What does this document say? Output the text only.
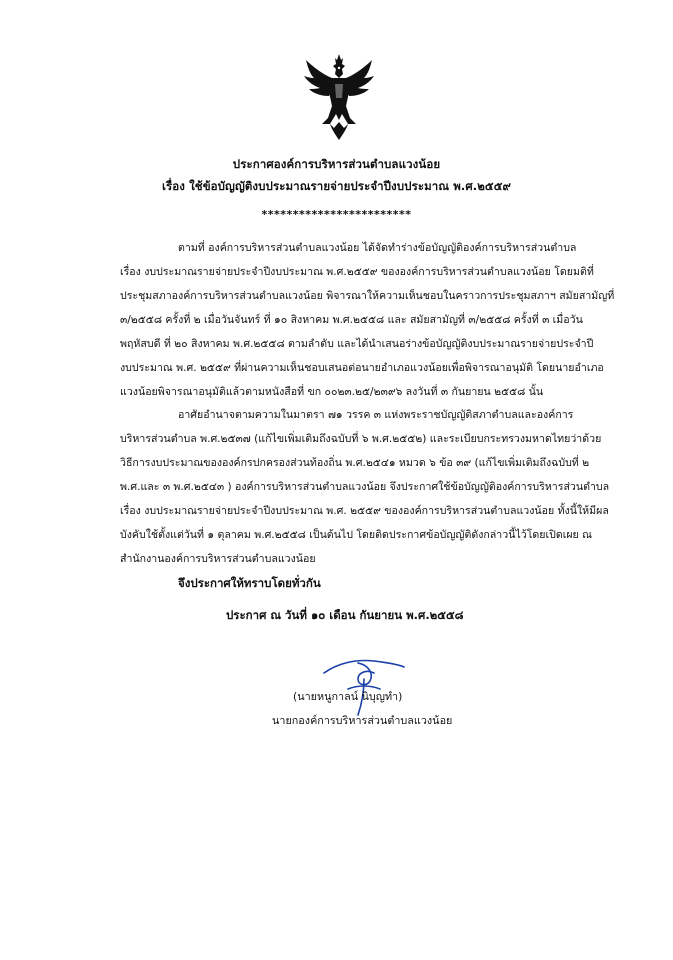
ประกาศองค์การบริหารส่วนตำบลแวงน้อย
เรื่อง ใช้ข้อบัญญัติงบประมาณรายจ่ายประจำปีงบประมาณ พ.ศ.๒๕๕๙
************************
ตามที่ องค์การบริหารส่วนตำบลแวงน้อย ได้จัดทำร่างข้อบัญญัติองค์การบริหารส่วนตำบล
เรื่อง งบประมาณรายจ่ายประจำปีงบประมาณ พ.ศ.๒๕๕๙ ขององค์การบริหารส่วนตำบลแวงน้อย โดยมติที่
ประชุมสภาองค์การบริหารส่วนตำบลแวงน้อย พิจารณาให้ความเห็นชอบในคราวการประชุมสภาฯ สมัยสามัญที่
๓/๒๕๕๘ ครั้งที่ ๒ เมื่อวันจันทร์ ที่ ๑๐ สิงหาคม พ.ศ.๒๕๕๘ และ สมัยสามัญที่ ๓/๒๕๕๘ ครั้งที่ ๓ เมื่อวัน
พฤหัสบดี ที่ ๒๐ สิงหาคม พ.ศ.๒๕๕๘ ตามลำดับ และได้นำเสนอร่างข้อบัญญัติงบประมาณรายจ่ายประจำปี
งบประมาณ พ.ศ. ๒๕๕๙ ที่ผ่านความเห็นชอบเสนอต่อนายอำเภอแวงน้อยเพื่อพิจารณาอนุมัติ โดยนายอำเภอ
แวงน้อยพิจารณาอนุมัติแล้วตามหนังสือที่ ขก ๐๐๒๓.๒๕/๒๓๙๖ ลงวันที่ ๓ กันยายน ๒๕๕๘ นั้น
อาศัยอำนาจตามความในมาตรา ๗๑ วรรค ๓ แห่งพระราชบัญญัติสภาตำบลและองค์การ
บริหารส่วนตำบล พ.ศ.๒๕๓๗ (แก้ไขเพิ่มเติมถึงฉบับที่ ๖ พ.ศ.๒๕๕๒) และระเบียบกระทรวงมหาดไทยว่าด้วย
วิธีการงบประมาณขององค์กรปกครองส่วนท้องถิ่น พ.ศ.๒๕๔๑ หมวด ๖ ข้อ ๓๙ (แก้ไขเพิ่มเติมถึงฉบับที่ ๒
พ.ศ.และ ๓ พ.ศ.๒๕๔๓ ) องค์การบริหารส่วนตำบลแวงน้อย จึงประกาศใช้ข้อบัญญัติองค์การบริหารส่วนตำบล
เรื่อง งบประมาณรายจ่ายประจำปีงบประมาณ พ.ศ. ๒๕๕๙ ขององค์การบริหารส่วนตำบลแวงน้อย ทั้งนี้ให้มีผล
บังคับใช้ตั้งแต่วันที่ ๑ ตุลาคม พ.ศ.๒๕๕๘ เป็นต้นไป โดยติดประกาศข้อบัญญัติดังกล่าวนี้ไว้โดยเปิดเผย ณ
สำนักงานองค์การบริหารส่วนตำบลแวงน้อย
จึงประกาศให้ทราบโดยทั่วกัน
ประกาศ ณ วันที่ ๑๐ เดือน กันยายน พ.ศ.๒๕๕๘
(นายหนูกาลน์ นิบุญทำ)
นายกองค์การบริหารส่วนตำบลแวงน้อย
